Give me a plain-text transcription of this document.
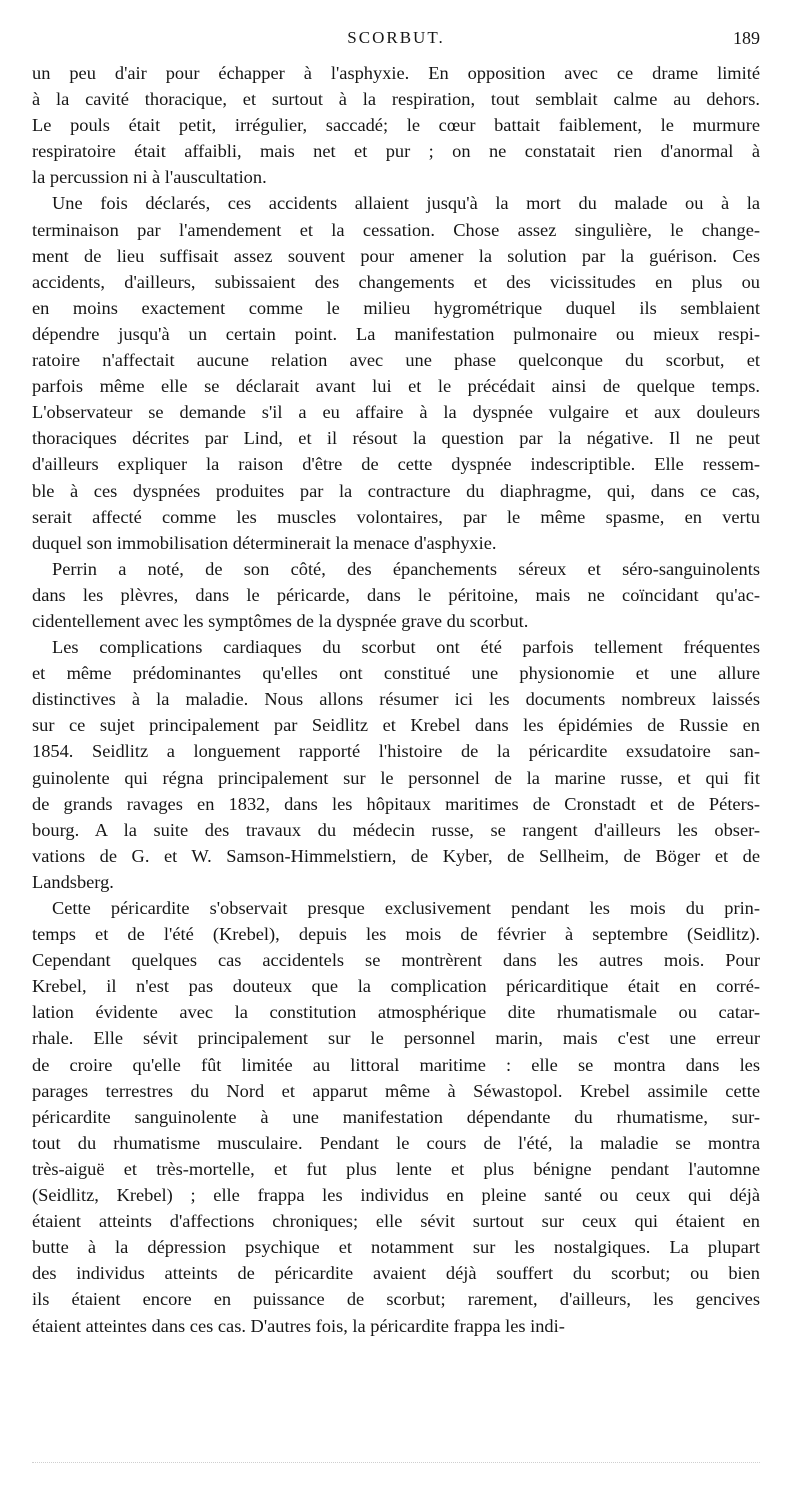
SCORBUT.	189

un peu d'air pour échapper à l'asphyxie. En opposition avec ce drame limité
à la cavité thoracique, et surtout à la respiration, tout semblait calme au dehors.
Le pouls était petit, irrégulier, saccadé; le cœur battait faiblement, le murmure
respiratoire était affaibli, mais net et pur ; on ne constatait rien d'anormal à
la percussion ni à l'auscultation.

Une fois déclarés, ces accidents allaient jusqu'à la mort du malade ou à la
terminaison par l'amendement et la cessation. Chose assez singulière, le change-
ment de lieu suffisait assez souvent pour amener la solution par la guérison. Ces
accidents, d'ailleurs, subissaient des changements et des vicissitudes en plus ou
en moins exactement comme le milieu hygrométrique duquel ils semblaient
dépendre jusqu'à un certain point. La manifestation pulmonaire ou mieux respi-
ratoire n'affectait aucune relation avec une phase quelconque du scorbut, et
parfois même elle se déclarait avant lui et le précédait ainsi de quelque temps.
L'observateur se demande s'il a eu affaire à la dyspnée vulgaire et aux douleurs
thoraciques décrites par Lind, et il résout la question par la négative. Il ne peut
d'ailleurs expliquer la raison d'être de cette dyspnée indescriptible. Elle ressem-
ble à ces dyspnées produites par la contracture du diaphragme, qui, dans ce cas,
serait affecté comme les muscles volontaires, par le même spasme, en vertu
duquel son immobilisation déterminerait la menace d'asphyxie.

Perrin a noté, de son côté, des épanchements séreux et séro-sanguinolents
dans les plèvres, dans le péricarde, dans le péritoine, mais ne coïncidant qu'ac-
cidentellement avec les symptômes de la dyspnée grave du scorbut.

Les complications cardiaques du scorbut ont été parfois tellement fréquentes
et même prédominantes qu'elles ont constitué une physionomie et une allure
distinctives à la maladie. Nous allons résumer ici les documents nombreux laissés
sur ce sujet principalement par Seidlitz et Krebel dans les épidémies de Russie en
1854. Seidlitz a longuement rapporté l'histoire de la péricardite exsudatoire san-
guinolente qui régna principalement sur le personnel de la marine russe, et qui fit
de grands ravages en 1832, dans les hôpitaux maritimes de Cronstadt et de Péters-
bourg. A la suite des travaux du médecin russe, se rangent d'ailleurs les obser-
vations de G. et W. Samson-Himmelstiern, de Kyber, de Sellheim, de Böger et de
Landsberg.

Cette péricardite s'observait presque exclusivement pendant les mois du prin-
temps et de l'été (Krebel), depuis les mois de février à septembre (Seidlitz).
Cependant quelques cas accidentels se montrèrent dans les autres mois. Pour
Krebel, il n'est pas douteux que la complication péricarditique était en corré-
lation évidente avec la constitution atmosphérique dite rhumatismale ou catar-
rhale. Elle sévit principalement sur le personnel marin, mais c'est une erreur
de croire qu'elle fût limitée au littoral maritime : elle se montra dans les
parages terrestres du Nord et apparut même à Séwastopol. Krebel assimile cette
péricardite sanguinolente à une manifestation dépendante du rhumatisme, sur-
tout du rhumatisme musculaire. Pendant le cours de l'été, la maladie se montra
très-aiguë et très-mortelle, et fut plus lente et plus bénigne pendant l'automne
(Seidlitz, Krebel) ; elle frappa les individus en pleine santé ou ceux qui déjà
étaient atteints d'affections chroniques; elle sévit surtout sur ceux qui étaient en
butte à la dépression psychique et notamment sur les nostalgiques. La plupart
des individus atteints de péricardite avaient déjà souffert du scorbut; ou bien
ils étaient encore en puissance de scorbut; rarement, d'ailleurs, les gencives
étaient atteintes dans ces cas. D'autres fois, la péricardite frappa les indi-
